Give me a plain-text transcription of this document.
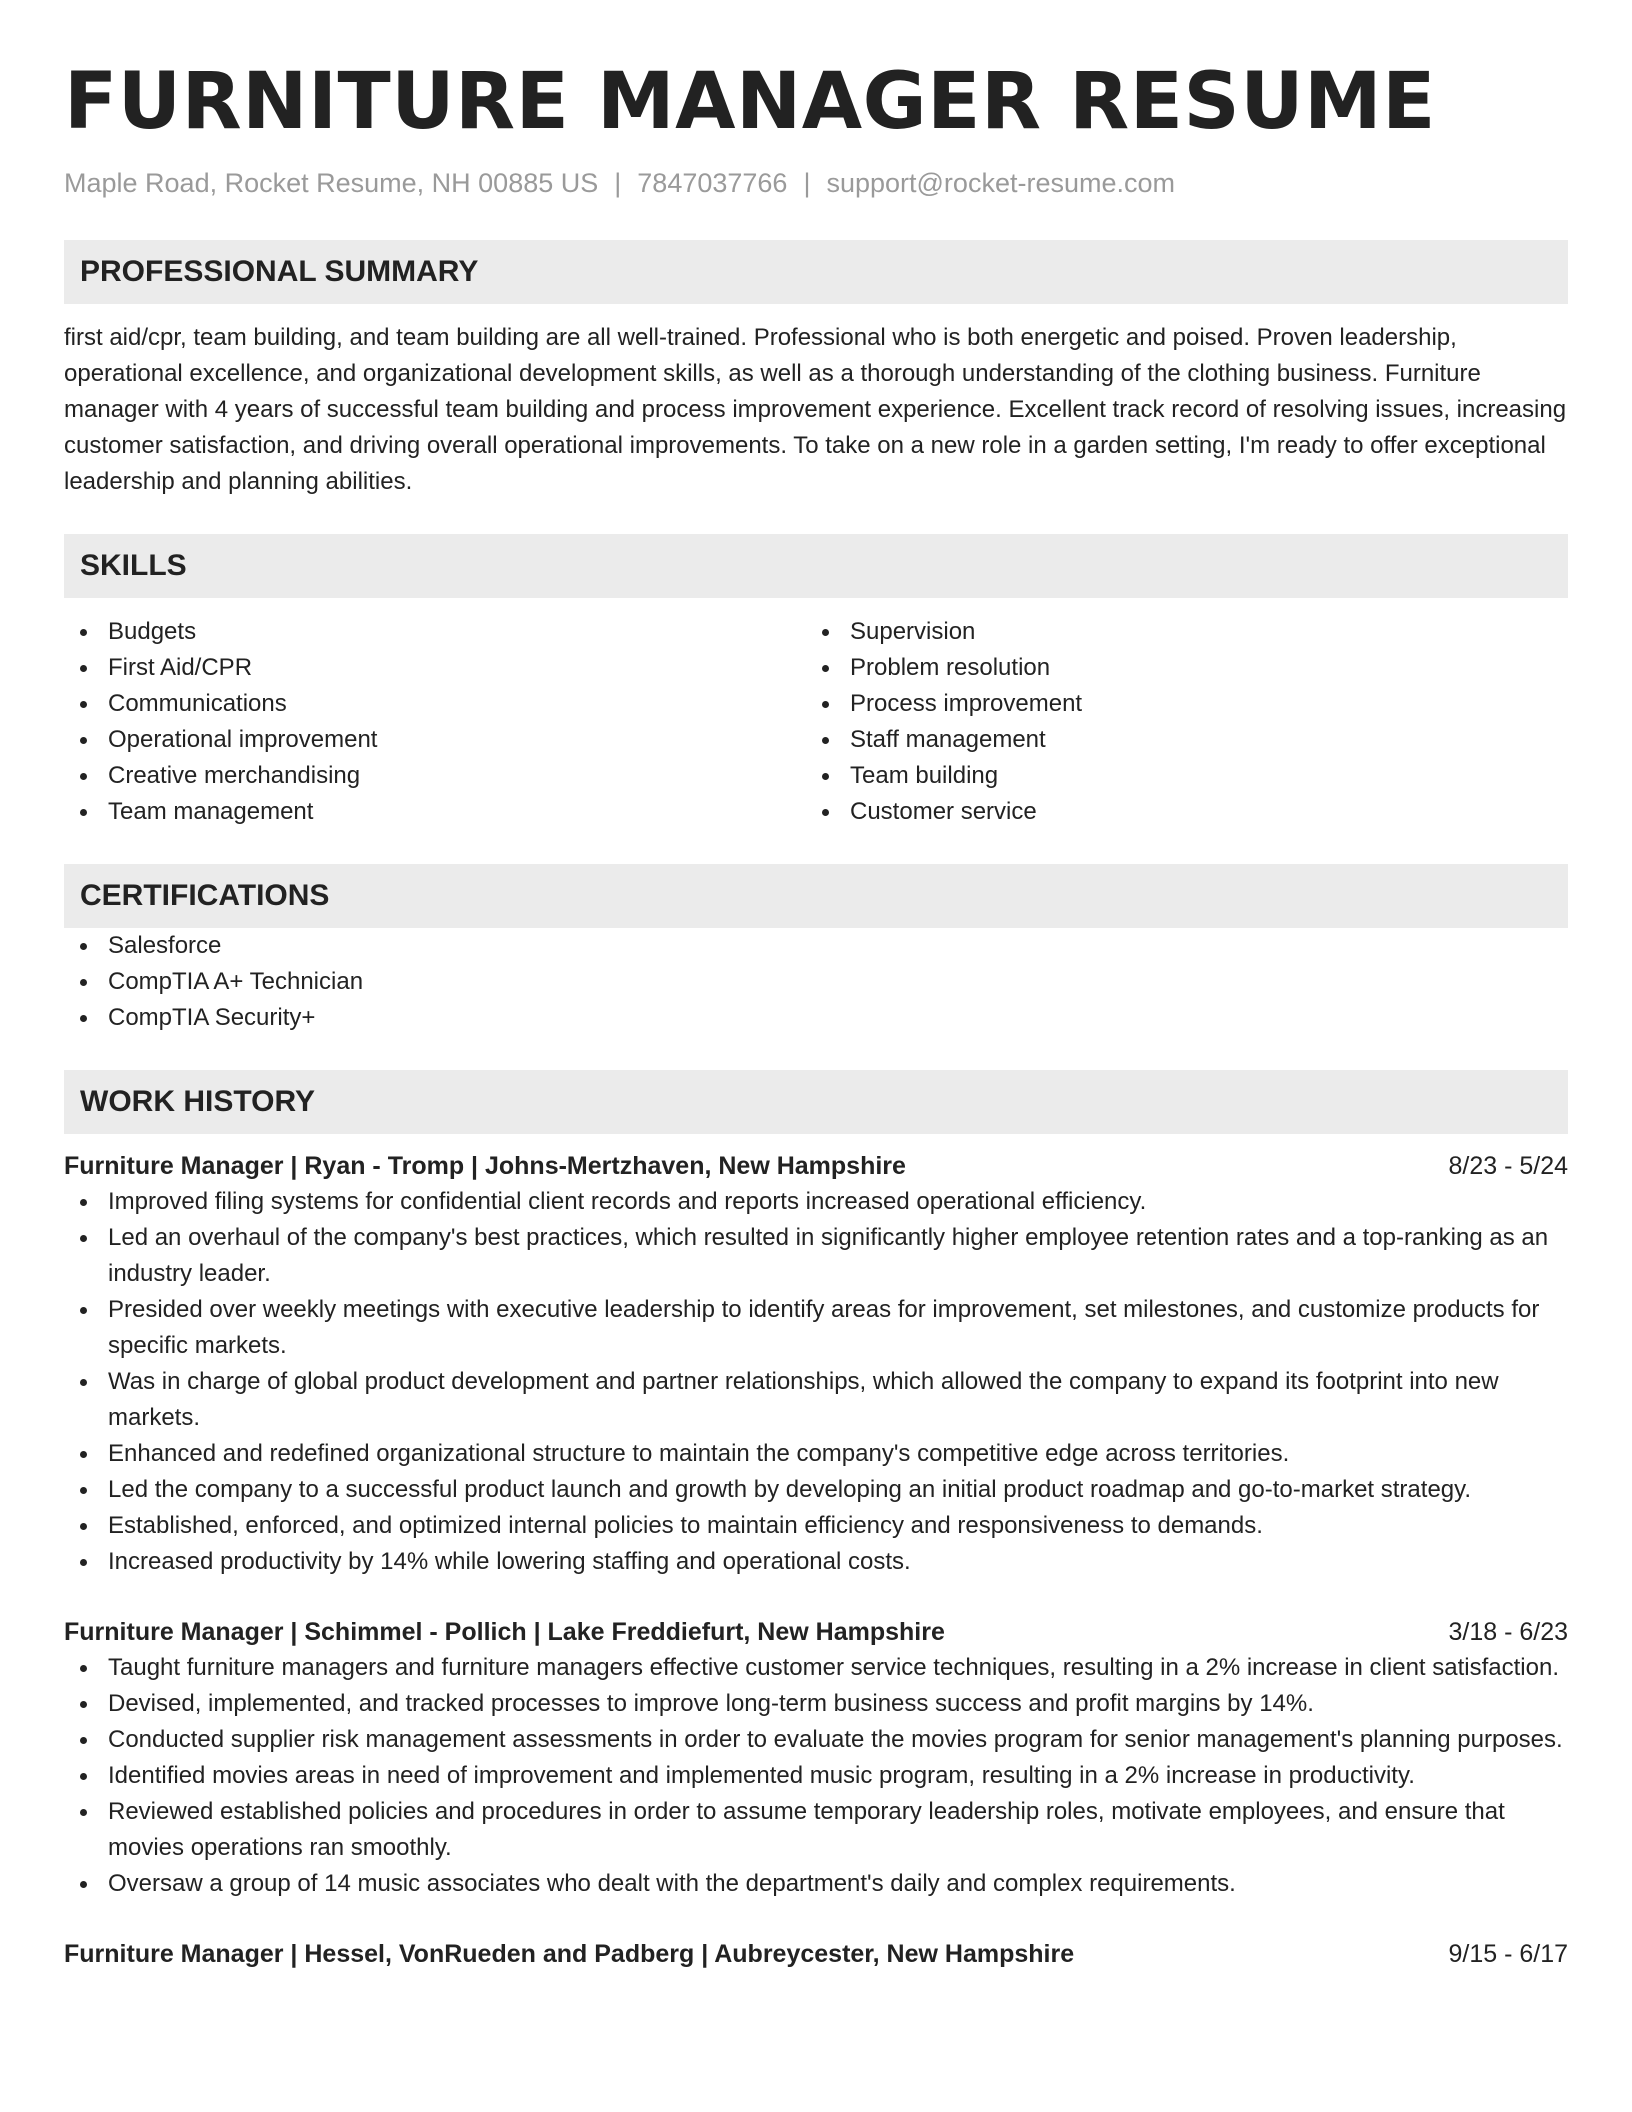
FURNITURE MANAGER RESUME
Maple Road, Rocket Resume, NH 00885 US | 7847037766 | support@rocket-resume.com
PROFESSIONAL SUMMARY

first aid/cpr, team building, and team building are all well-trained. Professional who is both energetic and poised. Proven leadership, operational excellence, and organizational development skills, as well as a thorough understanding of the clothing business. Furniture manager with 4 years of successful team building and process improvement experience. Excellent track record of resolving issues, increasing customer satisfaction, and driving overall operational improvements. To take on a new role in a garden setting, I'm ready to offer exceptional leadership and planning abilities.

SKILLS
Budgets
First Aid/CPR
Communications
Operational improvement
Creative merchandising
Team management
Supervision
Problem resolution
Process improvement
Staff management
Team building
Customer service
CERTIFICATIONS
Salesforce
CompTIA A+ Technician
CompTIA Security+
WORK HISTORY
Furniture Manager | Ryan - Tromp | Johns-Mertzhaven, New Hampshire	8/23 - 5/24
Improved filing systems for confidential client records and reports increased operational efficiency.
Led an overhaul of the company's best practices, which resulted in significantly higher employee retention rates and a top-ranking as an industry leader.
Presided over weekly meetings with executive leadership to identify areas for improvement, set milestones, and customize products for specific markets.
Was in charge of global product development and partner relationships, which allowed the company to expand its footprint into new markets.
Enhanced and redefined organizational structure to maintain the company's competitive edge across territories.
Led the company to a successful product launch and growth by developing an initial product roadmap and go-to-market strategy.
Established, enforced, and optimized internal policies to maintain efficiency and responsiveness to demands.
Increased productivity by 14% while lowering staffing and operational costs.
Furniture Manager | Schimmel - Pollich | Lake Freddiefurt, New Hampshire	3/18 - 6/23
Taught furniture managers and furniture managers effective customer service techniques, resulting in a 2% increase in client satisfaction.
Devised, implemented, and tracked processes to improve long-term business success and profit margins by 14%.
Conducted supplier risk management assessments in order to evaluate the movies program for senior management's planning purposes.
Identified movies areas in need of improvement and implemented music program, resulting in a 2% increase in productivity.
Reviewed established policies and procedures in order to assume temporary leadership roles, motivate employees, and ensure that movies operations ran smoothly.
Oversaw a group of 14 music associates who dealt with the department's daily and complex requirements.
Furniture Manager | Hessel, VonRueden and Padberg | Aubreycester, New Hampshire	9/15 - 6/17
